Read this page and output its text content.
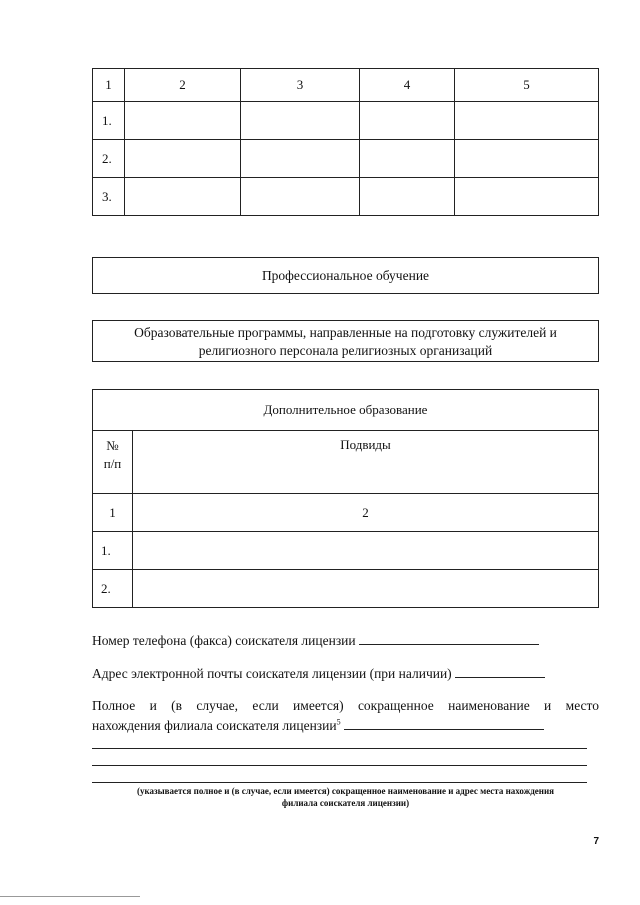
1	2	3	4	5
1.				
2.				
3.				
Профессиональное обучение
Образовательные программы, направленные на подготовку служителей и
религиозного персонала религиозных организаций
Дополнительное образование	

№
п/п	Подвиды
1	2
1.	
2.	
Номер телефона (факса) соискателя лицензии
Адрес электронной почты соискателя лицензии (при наличии)
Полное и (в случае, если имеется) сокращенное наименование и место
нахождения филиала соискателя лицензии$^5$
(указывается полное и (в случае, если имеется) сокращенное наименование и адрес места нахождения
филиала соискателя лицензии)
7
